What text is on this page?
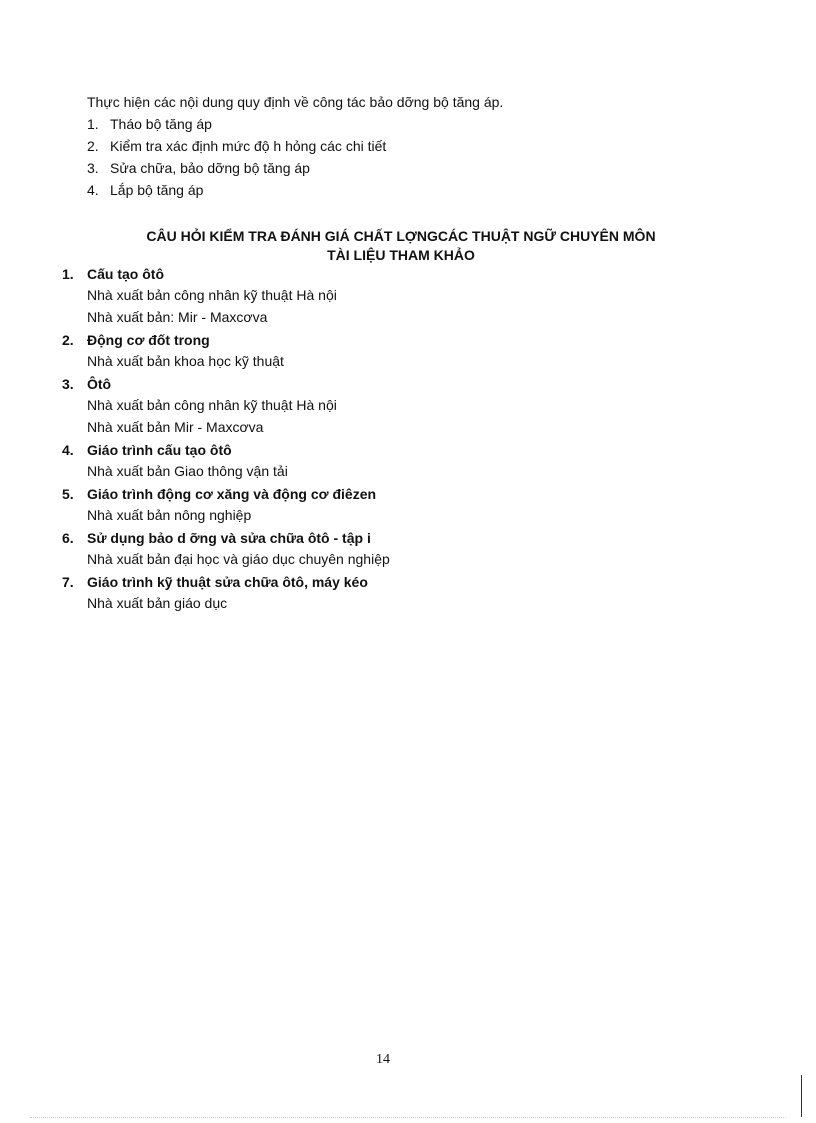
Thực hiện các nội dung quy định về công tác bảo dỡng bộ tăng áp.
1. Tháo bộ tăng áp
2. Kiểm tra xác định mức độ h hỏng các chi tiết
3. Sửa chữa, bảo dỡng bộ tăng áp
4. Lắp bộ tăng áp
CÂU HỎI KIỂM TRA ĐÁNH GIÁ CHẤT LỢNGCÁC THUẬT NGỮ CHUYÊN MÔN
TÀI LIỆU THAM KHẢO
1. Cấu tạo ôtô
Nhà xuất bản công nhân kỹ thuật Hà nội
Nhà xuất bản: Mir - Maxcơva
2. Động cơ đốt trong
Nhà xuất bản khoa học kỹ thuật
3. Ôtô
Nhà xuất bản công nhân kỹ thuật Hà nội
Nhà xuất bản Mir - Maxcơva
4. Giáo trình cấu tạo ôtô
Nhà xuất bản Giao thông vận tải
5. Giáo trình động cơ xăng và động cơ điêzen
Nhà xuất bản nông nghiệp
6. Sử dụng bảo d ỡng và sửa chữa ôtô - tập i
Nhà xuất bản đại học và giáo dục chuyên nghiệp
7. Giáo trình kỹ thuật sửa chữa ôtô, máy kéo
Nhà xuất bản giáo dục
14
